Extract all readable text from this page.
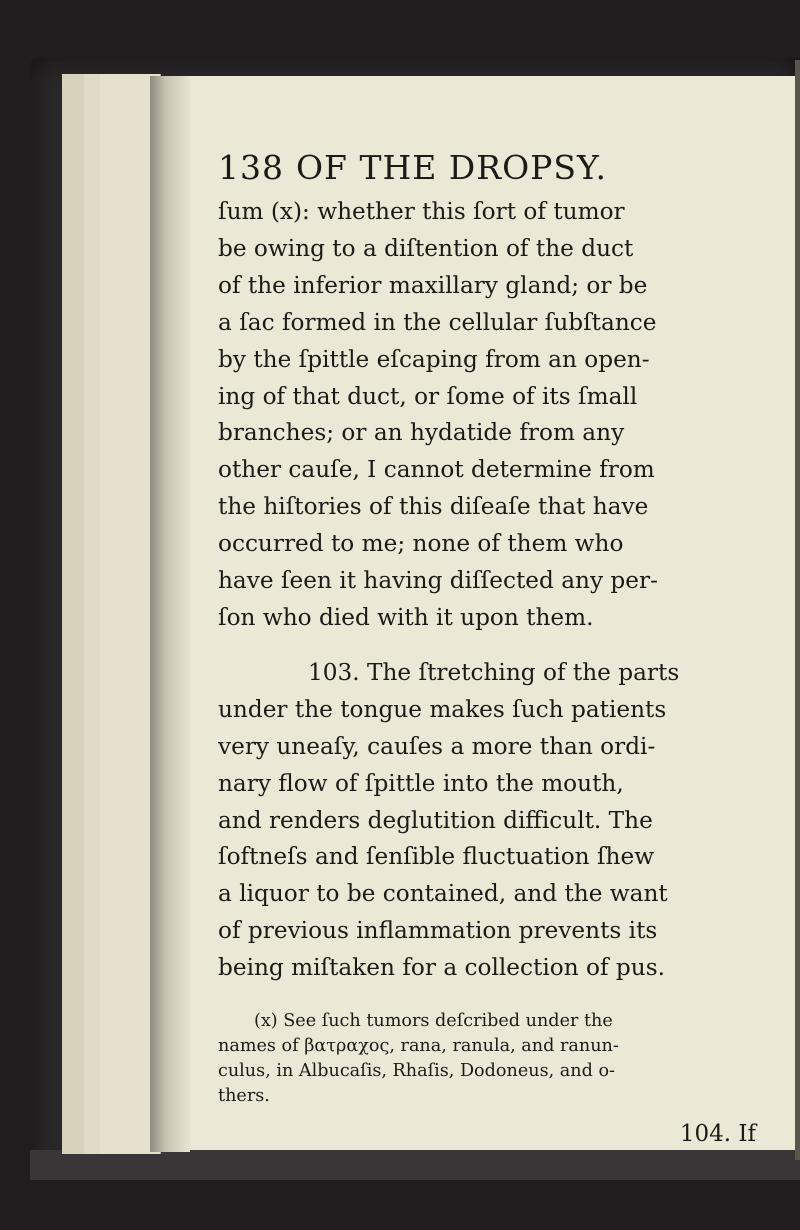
138 OF THE DROPSY.

ſum (x): whether this ſort of tumor
be owing to a diſtention of the duct
of the inferior maxillary gland; or be
a ſac formed in the cellular ſubſtance
by the ſpittle eſcaping from an open-
ing of that duct, or ſome of its ſmall
branches; or an hydatide from any
other cauſe, I cannot determine from
the hiſtories of this diſeaſe that have
occurred to me; none of them who
have ſeen it having diſſected any per-
ſon who died with it upon them.

103. The ſtretching of the parts
under the tongue makes ſuch patients
very uneaſy, cauſes a more than ordi-
nary flow of ſpittle into the mouth,
and renders deglutition difficult. The
ſoftneſs and ſenſible fluctuation ſhew
a liquor to be contained, and the want
of previous inflammation prevents its
being miſtaken for a collection of pus.

(x) See ſuch tumors deſcribed under the
names of βατραχος, rana, ranula, and ranun-
culus, in Albucaſis, Rhaſis, Dodoneus, and o-
thers.
104. If
